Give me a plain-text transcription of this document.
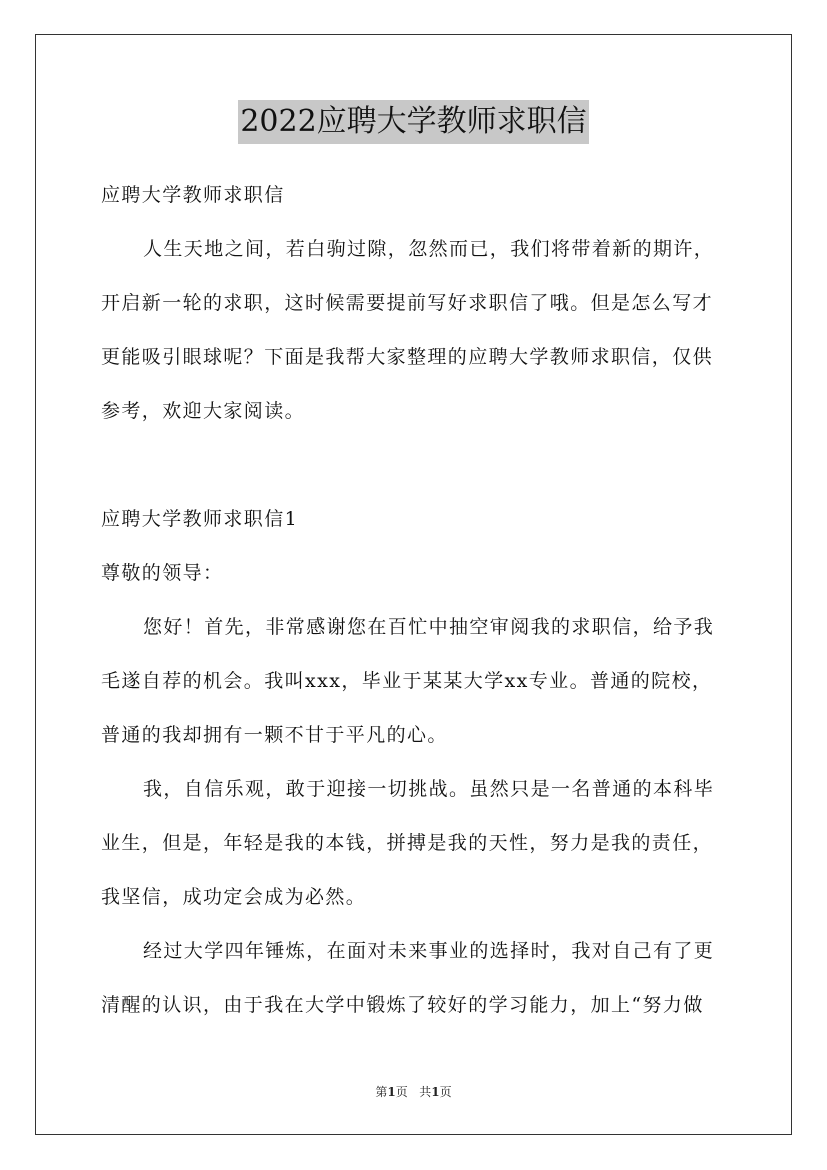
2022应聘大学教师求职信
应聘大学教师求职信
人生天地之间，若白驹过隙，忽然而已，我们将带着新的期许，
开启新一轮的求职，这时候需要提前写好求职信了哦。但是怎么写才
更能吸引眼球呢？下面是我帮大家整理的应聘大学教师求职信，仅供
参考，欢迎大家阅读。
应聘大学教师求职信1
尊敬的领导：
您好！首先，非常感谢您在百忙中抽空审阅我的求职信，给予我
毛遂自荐的机会。我叫xxx，毕业于某某大学xx专业。普通的院校，
普通的我却拥有一颗不甘于平凡的心。
我，自信乐观，敢于迎接一切挑战。虽然只是一名普通的本科毕
业生，但是，年轻是我的本钱，拼搏是我的天性，努力是我的责任，
我坚信，成功定会成为必然。
经过大学四年锤炼，在面对未来事业的选择时，我对自己有了更
清醒的认识，由于我在大学中锻炼了较好的学习能力，加上“努力做
第1页 共1页
